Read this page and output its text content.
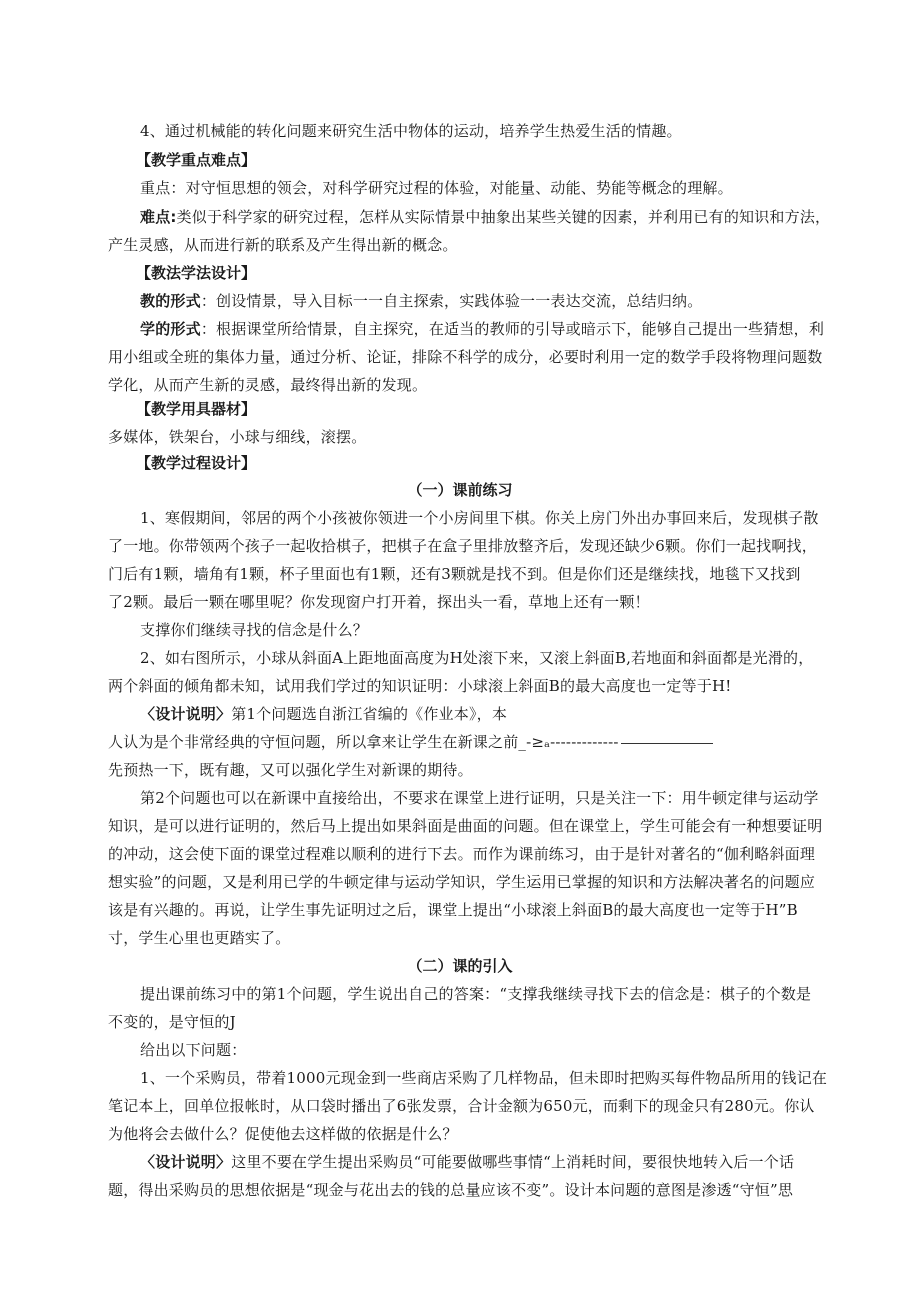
4、通过机械能的转化问题来研究生活中物体的运动，培养学生热爱生活的情趣。
【教学重点难点】
重点：对守恒思想的领会，对科学研究过程的体验，对能量、动能、势能等概念的理解。
难点:类似于科学家的研究过程，怎样从实际情景中抽象出某些关键的因素，并利用已有的知识和方法，
产生灵感，从而进行新的联系及产生得出新的概念。
【教法学法设计】
教的形式：创设情景，导入目标一一自主探索，实践体验一一表达交流，总结归纳。
学的形式：根据课堂所给情景，自主探究，在适当的教师的引导或暗示下，能够自己提出一些猜想，利
用小组或全班的集体力量，通过分析、论证，排除不科学的成分，必要时利用一定的数学手段将物理问题数
学化，从而产生新的灵感，最终得出新的发现。
【教学用具器材】
多媒体，铁架台，小球与细线，滚摆。
【教学过程设计】
（一）课前练习
1、寒假期间，邻居的两个小孩被你领进一个小房间里下棋。你关上房门外出办事回来后，发现棋子散
了一地。你带领两个孩子一起收拾棋子，把棋子在盒子里排放整齐后，发现还缺少6颗。你们一起找啊找，
门后有1颗，墙角有1颗，杯子里面也有1颗，还有3颗就是找不到。但是你们还是继续找，地毯下又找到
了2颗。最后一颗在哪里呢？你发现窗户打开着，探出头一看，草地上还有一颗！
支撑你们继续寻找的信念是什么？
2、如右图所示，小球从斜面A上距地面高度为H处滚下来，又滚上斜面B,若地面和斜面都是光滑的，
两个斜面的倾角都未知，试用我们学过的知识证明：小球滚上斜面B的最大高度也一定等于H!
〈设计说明〉第1个问题选自浙江省编的《作业本》，本
人认为是个非常经典的守恒问题，所以拿来让学生在新课之前_-≥ₐ-------------
先预热一下，既有趣，又可以强化学生对新课的期待。
第2个问题也可以在新课中直接给出，不要求在课堂上进行证明，只是关注一下：用牛顿定律与运动学
知识，是可以进行证明的，然后马上提出如果斜面是曲面的问题。但在课堂上，学生可能会有一种想要证明
的冲动，这会使下面的课堂过程难以顺利的进行下去。而作为课前练习，由于是针对著名的“伽利略斜面理
想实验”的问题，又是利用已学的牛顿定律与运动学知识，学生运用已掌握的知识和方法解决著名的问题应
该是有兴趣的。再说，让学生事先证明过之后，课堂上提出“小球滚上斜面B的最大高度也一定等于H”B
寸，学生心里也更踏实了。
（二）课的引入
提出课前练习中的第1个问题，学生说出自己的答案：“支撑我继续寻找下去的信念是：棋子的个数是
不变的，是守恒的J
给出以下问题：
1、一个采购员，带着1000元现金到一些商店采购了几样物品，但未即时把购买每件物品所用的钱记在
笔记本上，回单位报帐时，从口袋时播出了6张发票，合计金额为650元，而剩下的现金只有280元。你认
为他将会去做什么？促使他去这样做的依据是什么？
〈设计说明〉这里不要在学生提出采购员“可能要做哪些事情“上消耗时间，要很快地转入后一个话
题，得出采购员的思想依据是“现金与花出去的钱的总量应该不变”。设计本问题的意图是渗透“守恒”思
